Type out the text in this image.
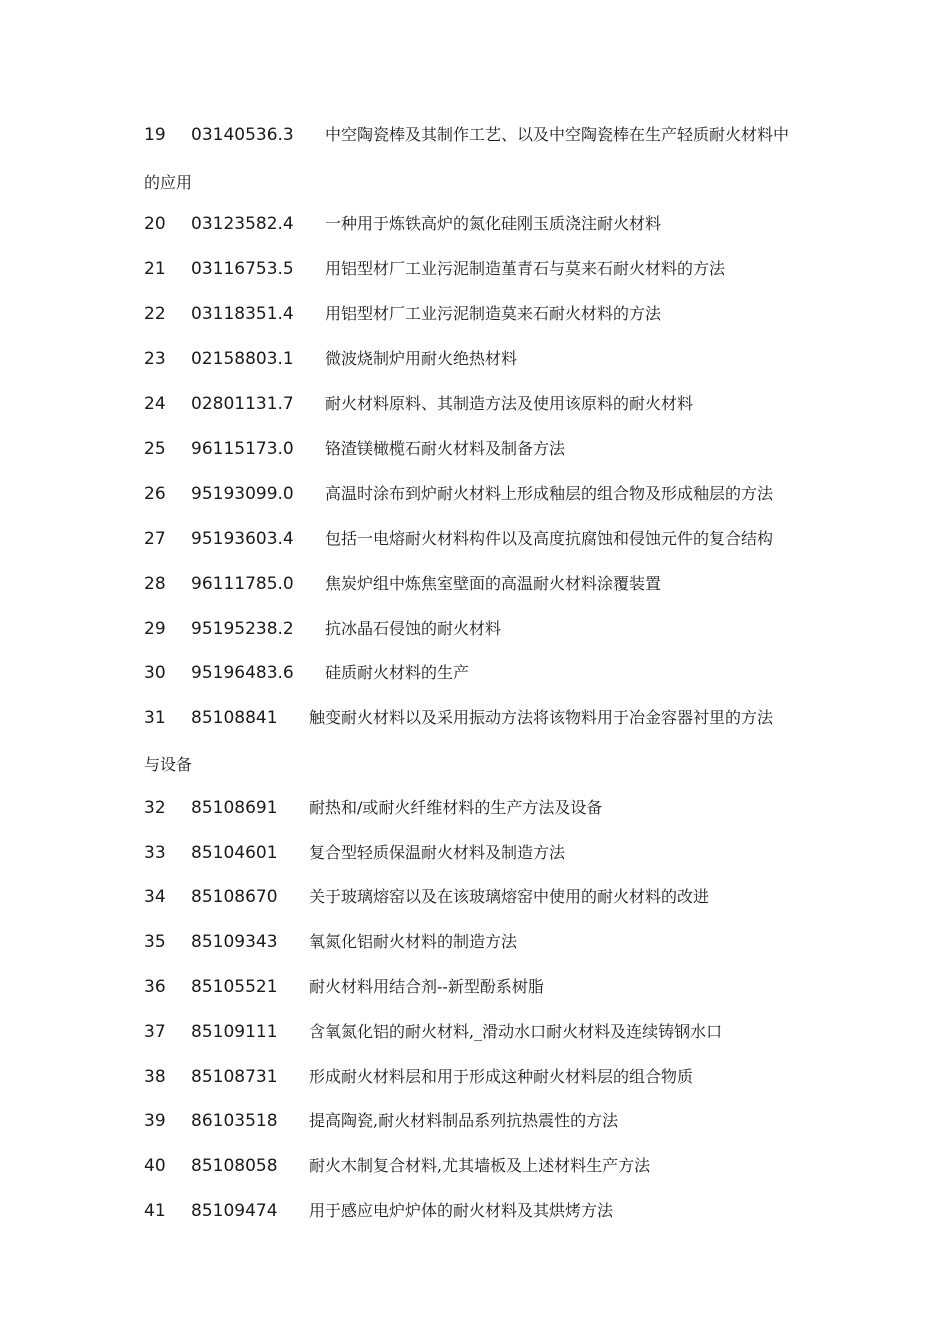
19 03140536.3 中空陶瓷棒及其制作工艺、以及中空陶瓷棒在生产轻质耐火材料中
的应用
20 03123582.4 一种用于炼铁高炉的氮化硅刚玉质浇注耐火材料
21 03116753.5 用铝型材厂工业污泥制造堇青石与莫来石耐火材料的方法
22 03118351.4 用铝型材厂工业污泥制造莫来石耐火材料的方法
23 02158803.1 微波烧制炉用耐火绝热材料
24 02801131.7 耐火材料原料、其制造方法及使用该原料的耐火材料
25 96115173.0 铬渣镁橄榄石耐火材料及制备方法
26 95193099.0 高温时涂布到炉耐火材料上形成釉层的组合物及形成釉层的方法
27 95193603.4 包括一电熔耐火材料构件以及高度抗腐蚀和侵蚀元件的复合结构
28 96111785.0 焦炭炉组中炼焦室壁面的高温耐火材料涂覆装置
29 95195238.2 抗冰晶石侵蚀的耐火材料
30 95196483.6 硅质耐火材料的生产
31 85108841 触变耐火材料以及采用振动方法将该物料用于冶金容器衬里的方法
与设备
32 85108691 耐热和/或耐火纤维材料的生产方法及设备
33 85104601 复合型轻质保温耐火材料及制造方法
34 85108670 关于玻璃熔窑以及在该玻璃熔窑中使用的耐火材料的改进
35 85109343 氧氮化铝耐火材料的制造方法
36 85105521 耐火材料用结合剂--新型酚系树脂
37 85109111 含氧氮化铝的耐火材料,_滑动水口耐火材料及连续铸钢水口
38 85108731 形成耐火材料层和用于形成这种耐火材料层的组合物质
39 86103518 提高陶瓷,耐火材料制品系列抗热震性的方法
40 85108058 耐火木制复合材料,尤其墙板及上述材料生产方法
41 85109474 用于感应电炉炉体的耐火材料及其烘烤方法
